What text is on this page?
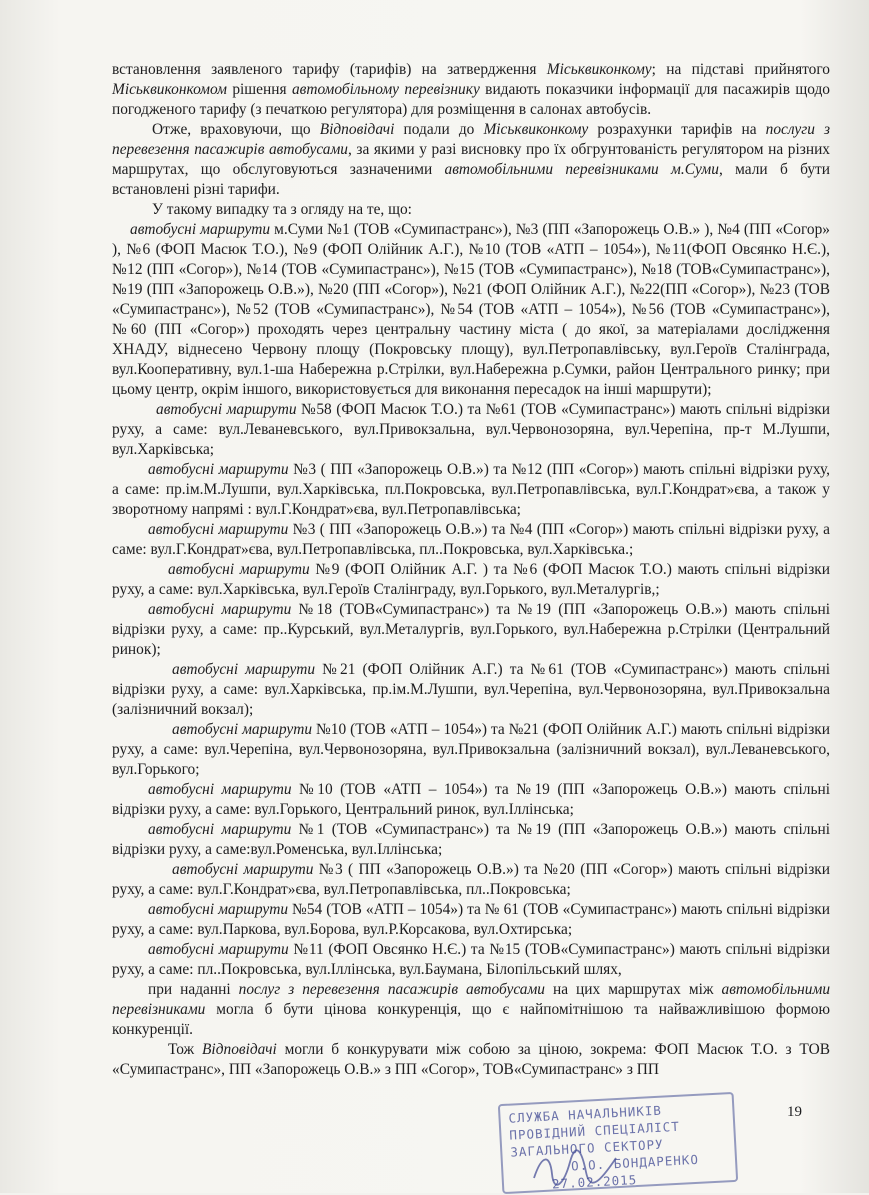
встановлення заявленого тарифу (тарифів) на затвердження Міськвиконкому; на підставі прийнятого Міськвиконкомом рішення автомобільному перевізнику видають показчики інформації для пасажирів щодо погодженого тарифу (з печаткою регулятора) для розміщення в салонах автобусів.

Отже, враховуючи, що Відповідачі подали до Міськвиконкому розрахунки тарифів на послуги з перевезення пасажирів автобусами, за якими у разі висновку про їх обгрунтованість регулятором на різних маршрутах, що обслуговуються зазначеними автомобільними перевізниками м.Суми, мали б бути встановлені різні тарифи.

У такому випадку та з огляду на те, що:

автобусні маршрути м.Суми №1 (ТОВ «Сумипастранс»), №3 (ПП «Запорожець О.В.» ), №4 (ПП «Согор» ), №6 (ФОП Масюк Т.О.), №9 (ФОП Олійник А.Г.), №10 (ТОВ «АТП – 1054»), №11(ФОП Овсянко Н.Є.), №12 (ПП «Согор»), №14 (ТОВ «Сумипастранс»), №15 (ТОВ «Сумипастранс»), №18 (ТОВ«Сумипастранс»), №19 (ПП «Запорожець О.В.»), №20 (ПП «Согор»), №21 (ФОП Олійник А.Г.), №22(ПП «Согор»), №23 (ТОВ «Сумипастранс»), №52 (ТОВ «Сумипастранс»), №54 (ТОВ «АТП – 1054»), №56 (ТОВ «Сумипастранс»), №60 (ПП «Согор») проходять через центральну частину міста ( до якої, за матеріалами дослідження ХНАДУ, віднесено Червону площу (Покровську площу), вул.Петропавлівську, вул.Героїв Сталінграда, вул.Кооперативну, вул.1-ша Набережна р.Стрілки, вул.Набережна р.Сумки, район Центрального ринку; при цьому центр, окрім іншого, використовується для виконання пересадок на інші маршрути);

автобусні маршрути №58 (ФОП Масюк Т.О.) та №61 (ТОВ «Сумипастранс») мають спільні відрізки руху, а саме: вул.Леваневського, вул.Привокзальна, вул.Червонозоряна, вул.Черепіна, пр-т М.Лушпи, вул.Харківська;

автобусні маршрути №3 ( ПП «Запорожець О.В.») та №12 (ПП «Согор») мають спільні відрізки руху, а саме: пр.ім.М.Лушпи, вул.Харківська, пл.Покровська, вул.Петропавлівська, вул.Г.Кондрат»єва, а також у зворотному напрямі : вул.Г.Кондрат»єва, вул.Петропавлівська;

автобусні маршрути №3 ( ПП «Запорожець О.В.») та №4 (ПП «Согор») мають спільні відрізки руху, а саме: вул.Г.Кондрат»єва, вул.Петропавлівська, пл..Покровська, вул.Харківська.;

автобусні маршрути №9 (ФОП Олійник А.Г. ) та №6 (ФОП Масюк Т.О.) мають спільні відрізки руху, а саме: вул.Харківська, вул.Героїв Сталінграду, вул.Горького, вул.Металургів,;

автобусні маршрути №18 (ТОВ«Сумипастранс») та №19 (ПП «Запорожець О.В.») мають спільні відрізки руху, а саме: пр..Курський, вул.Металургів, вул.Горького, вул.Набережна р.Стрілки (Центральний ринок);

автобусні маршрути №21 (ФОП Олійник А.Г.) та №61 (ТОВ «Сумипастранс») мають спільні відрізки руху, а саме: вул.Харківська, пр.ім.М.Лушпи, вул.Черепіна, вул.Червонозоряна, вул.Привокзальна (залізничний вокзал);

автобусні маршрути №10 (ТОВ «АТП – 1054») та №21 (ФОП Олійник А.Г.) мають спільні відрізки руху, а саме: вул.Черепіна, вул.Червонозоряна, вул.Привокзальна (залізничний вокзал), вул.Леваневського, вул.Горького;

автобусні маршрути №10 (ТОВ «АТП – 1054») та №19 (ПП «Запорожець О.В.») мають спільні відрізки руху, а саме: вул.Горького, Центральний ринок, вул.Іллінська;

автобусні маршрути №1 (ТОВ «Сумипастранс») та №19 (ПП «Запорожець О.В.») мають спільні відрізки руху, а саме:вул.Роменська, вул.Іллінська;

автобусні маршрути №3 ( ПП «Запорожець О.В.») та №20 (ПП «Согор») мають спільні відрізки руху, а саме: вул.Г.Кондрат»єва, вул.Петропавлівська, пл..Покровська;

автобусні маршрути №54 (ТОВ «АТП – 1054») та № 61 (ТОВ «Сумипастранс») мають спільні відрізки руху, а саме: вул.Паркова, вул.Борова, вул.Р.Корсакова, вул.Охтирська;

автобусні маршрути №11 (ФОП Овсянко Н.Є.) та №15 (ТОВ«Сумипастранс») мають спільні відрізки руху, а саме: пл..Покровська, вул.Іллінська, вул.Баумана, Білопільський шлях,

при наданні послуг з перевезення пасажирів автобусами на цих маршрутах між автомобільними перевізниками могла б бути цінова конкуренція, що є найпомітнішою та найважливішою формою конкуренції.

Тож Відповідачі могли б конкурувати між собою за ціною, зокрема: ФОП Масюк Т.О. з ТОВ «Сумипастранс», ПП «Запорожець О.В.» з ПП «Согор», ТОВ«Сумипастранс» з ПП

19
СЛУЖБА НАЧАЛЬНИКІВ
ПРОВІДНИЙ СПЕЦІАЛІСТ
ЗАГАЛЬНОГО СЕКТОРУ
О.О. БОНДАРЕНКО
27.02.2015
